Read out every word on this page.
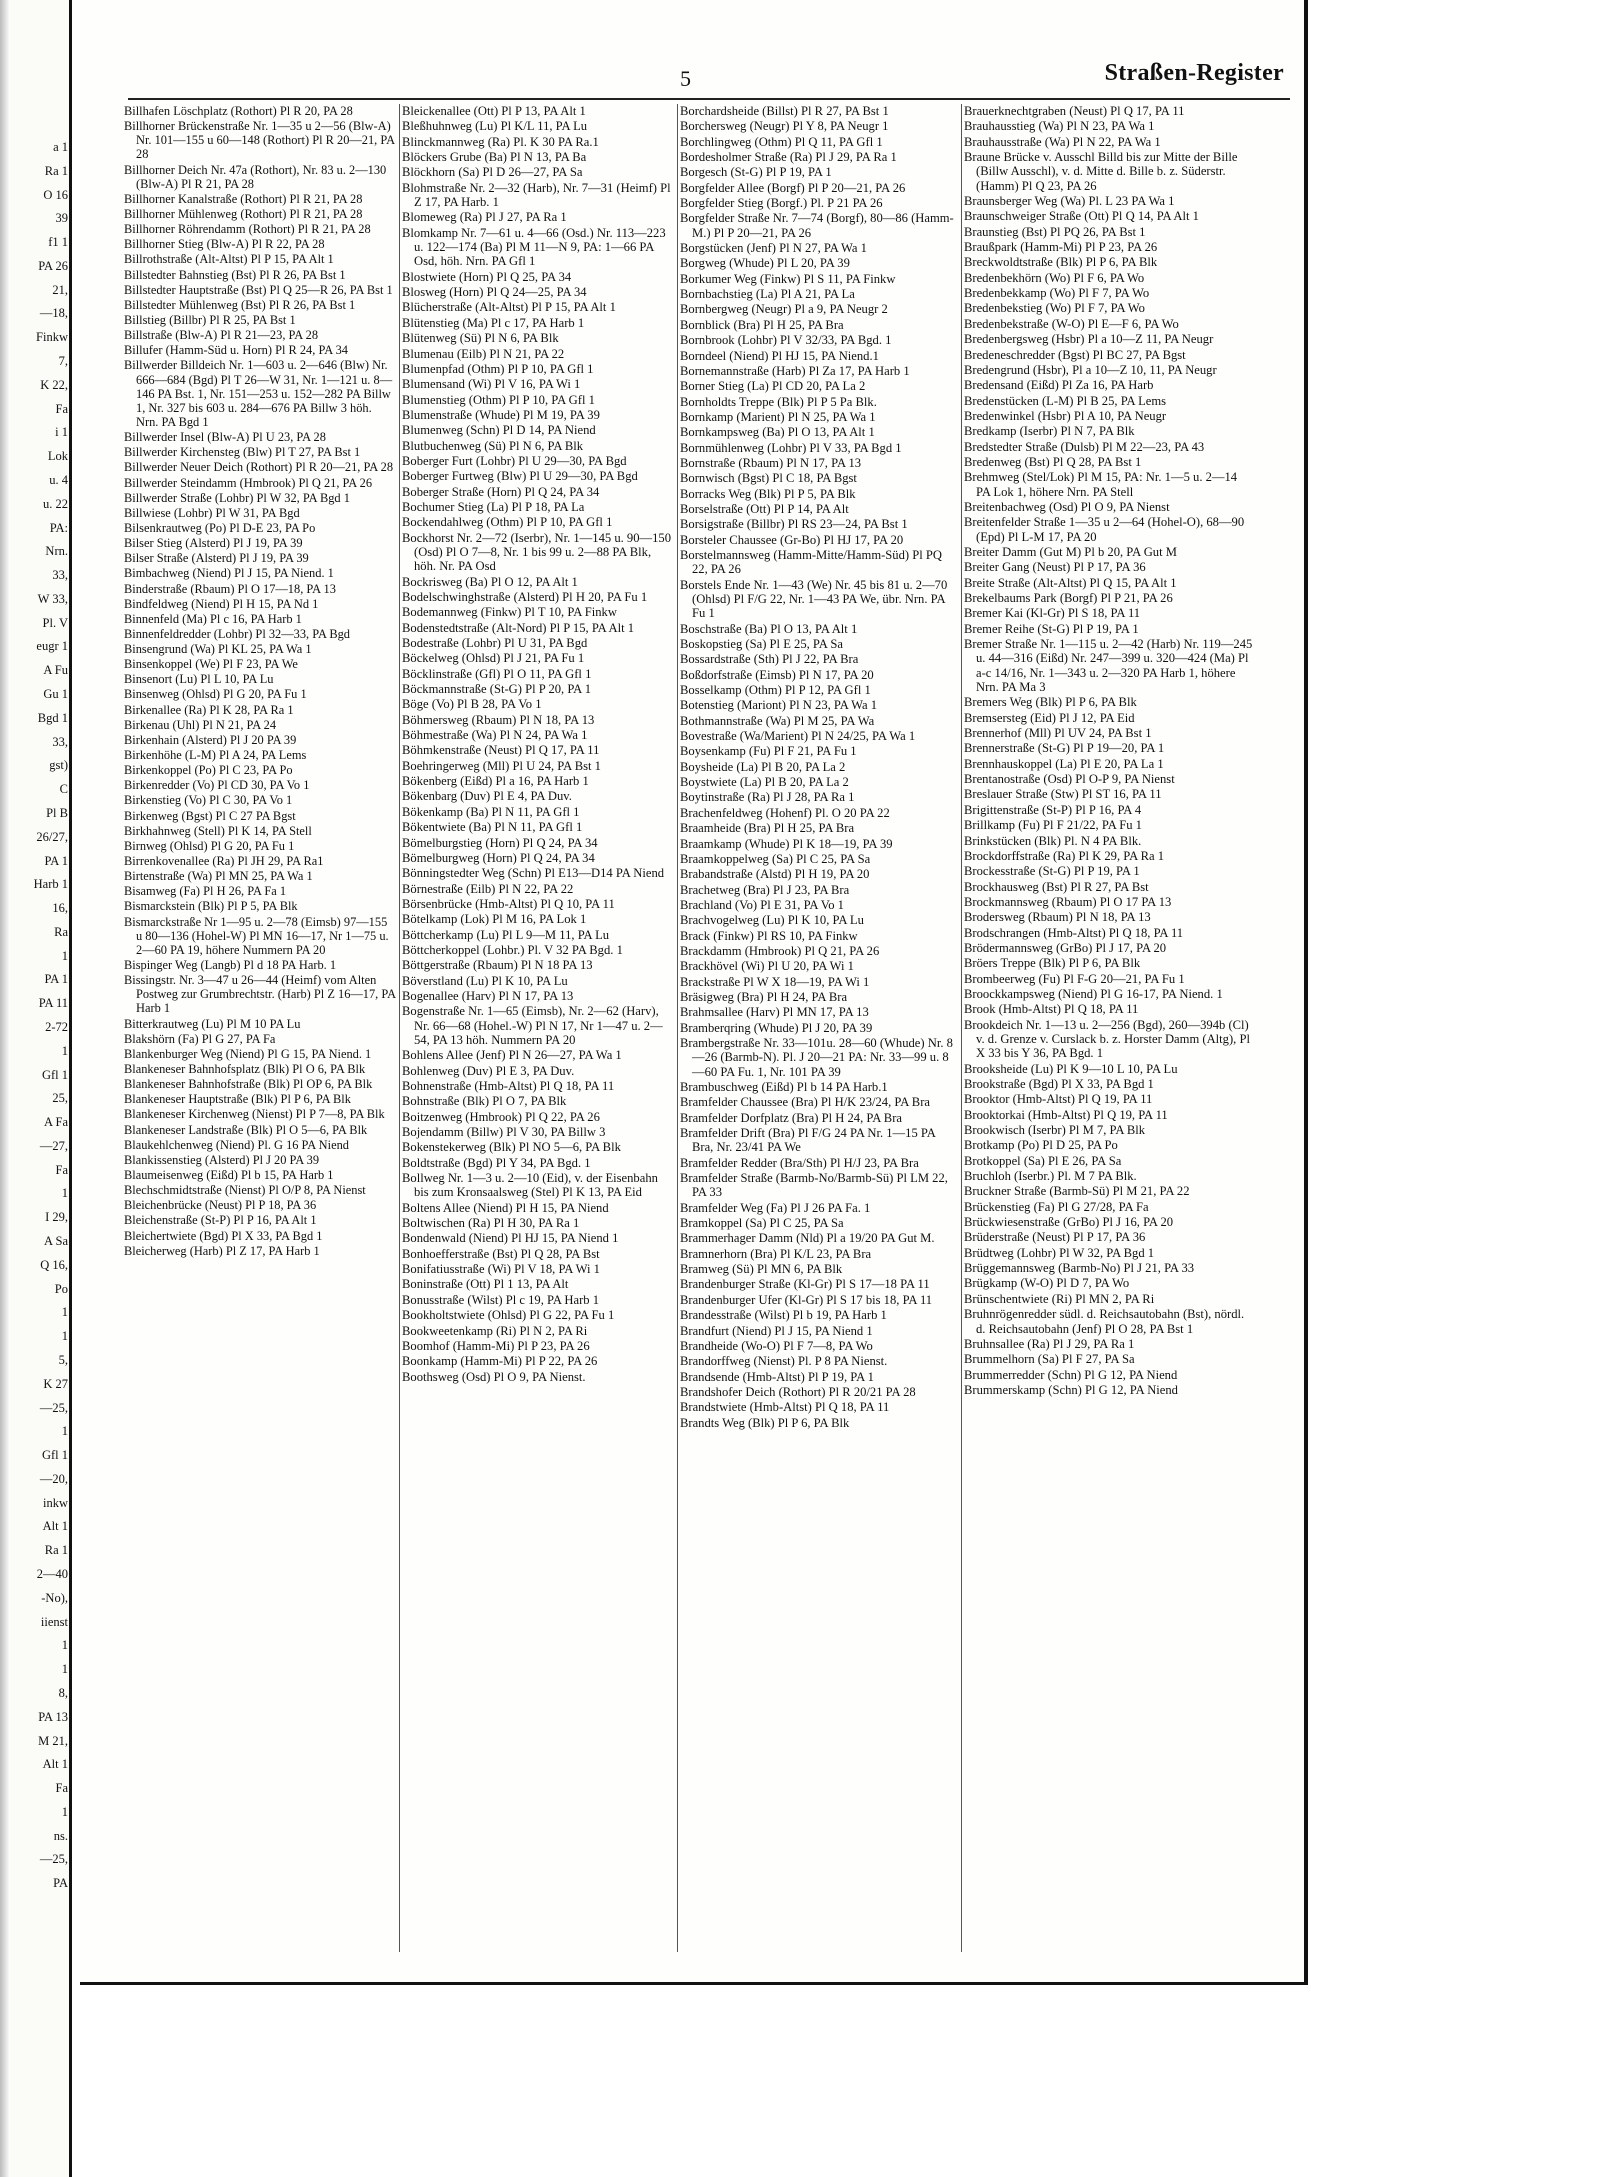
a 1
Ra 1
O 16
39
f1 1
PA 26
21,
—18,
Finkw
7,
K 22,
Fa
i 1
Lok
u. 4
u. 22
PA:
Nrn.
33,
W 33,
Pl. V
eugr 1
A Fu
Gu 1
Bgd 1
33,
gst)
C
Pl B
26/27,
PA 1
Harb 1
16,
Ra
1
PA 1
PA 11
2-72
1
Gfl 1
25,
A Fa
—27,
Fa
1
I 29,
A Sa
Q 16,
Po
1
1
5,
K 27
—25,
1
Gfl 1
—20,
inkw
Alt 1
Ra 1
2—40
-No),
iienst
1
1
8,
PA 13
M 21,
Alt 1
Fa
1
ns.
—25,
PA
5	Straßen-Register
Billhafen Löschplatz (Rothort) Pl R 20, PA 28
Billhorner Brückenstraße Nr. 1—35 u 2—56 (Blw-A) Nr. 101—155 u 60—148 (Rothort) Pl R 20—21, PA 28
Billhorner Deich Nr. 47a (Rothort), Nr. 83 u. 2—130 (Blw-A) Pl R 21, PA 28
Billhorner Kanalstraße (Rothort) Pl R 21, PA 28
Billhorner Mühlenweg (Rothort) Pl R 21, PA 28
Billhorner Röhrendamm (Rothort) Pl R 21, PA 28
Billhorner Stieg (Blw-A) Pl R 22, PA 28
Billrothstraße (Alt-Altst) Pl P 15, PA Alt 1
Billstedter Bahnstieg (Bst) Pl R 26, PA Bst 1
Billstedter Hauptstraße (Bst) Pl Q 25—R 26, PA Bst 1
Billstedter Mühlenweg (Bst) Pl R 26, PA Bst 1
Billstieg (Billbr) Pl R 25, PA Bst 1
Billstraße (Blw-A) Pl R 21—23, PA 28
Billufer (Hamm-Süd u. Horn) Pl R 24, PA 34
Billwerder Billdeich Nr. 1—603 u. 2—646 (Blw) Nr. 666—684 (Bgd) Pl T 26—W 31, Nr. 1—121 u. 8—146 PA Bst. 1, Nr. 151—253 u. 152—282 PA Billw 1, Nr. 327 bis 603 u. 284—676 PA Billw 3 höh. Nrn. PA Bgd 1
Billwerder Insel (Blw-A) Pl U 23, PA 28
Billwerder Kirchensteg (Blw) Pl T 27, PA Bst 1
Billwerder Neuer Deich (Rothort) Pl R 20—21, PA 28
Billwerder Steindamm (Hmbrook) Pl Q 21, PA 26
Billwerder Straße (Lohbr) Pl W 32, PA Bgd 1
Billwiese (Lohbr) Pl W 31, PA Bgd
Bilsenkrautweg (Po) Pl D-E 23, PA Po
Bilser Stieg (Alsterd) Pl J 19, PA 39
Bilser Straße (Alsterd) Pl J 19, PA 39
Bimbachweg (Niend) Pl J 15, PA Niend. 1
Binderstraße (Rbaum) Pl O 17—18, PA 13
Bindfeldweg (Niend) Pl H 15, PA Nd 1
Binnenfeld (Ma) Pl c 16, PA Harb 1
Binnenfeldredder (Lohbr) Pl 32—33, PA Bgd
Binsengrund (Wa) Pl KL 25, PA Wa 1
Binsenkoppel (We) Pl F 23, PA We
Binsenort (Lu) Pl L 10, PA Lu
Binsenweg (Ohlsd) Pl G 20, PA Fu 1
Birkenallee (Ra) Pl K 28, PA Ra 1
Birkenau (Uhl) Pl N 21, PA 24
Birkenhain (Alsterd) Pl J 20 PA 39
Birkenhöhe (L-M) Pl A 24, PA Lems
Birkenkoppel (Po) Pl C 23, PA Po
Birkenredder (Vo) Pl CD 30, PA Vo 1
Birkenstieg (Vo) Pl C 30, PA Vo 1
Birkenweg (Bgst) Pl C 27 PA Bgst
Birkhahnweg (Stell) Pl K 14, PA Stell
Birnweg (Ohlsd) Pl G 20, PA Fu 1
Birrenkovenallee (Ra) Pl JH 29, PA Ra1
Birtenstraße (Wa) Pl MN 25, PA Wa 1
Bisamweg (Fa) Pl H 26, PA Fa 1
Bismarckstein (Blk) Pl P 5, PA Blk
Bismarckstraße Nr 1—95 u. 2—78 (Eimsb) 97—155 u 80—136 (Hohel-W) Pl MN 16—17, Nr 1—75 u. 2—60 PA 19, höhere Nummern PA 20
Bispinger Weg (Langb) Pl d 18 PA Harb. 1
Bissingstr. Nr. 3—47 u 26—44 (Heimf) vom Alten Postweg zur Grumbrechtstr. (Harb) Pl Z 16—17, PA Harb 1
Bitterkrautweg (Lu) Pl M 10 PA Lu
Blakshörn (Fa) Pl G 27, PA Fa
Blankenburger Weg (Niend) Pl G 15, PA Niend. 1
Blankeneser Bahnhofsplatz (Blk) Pl O 6, PA Blk
Blankeneser Bahnhofstraße (Blk) Pl OP 6, PA Blk
Blankeneser Hauptstraße (Blk) Pl P 6, PA Blk
Blankeneser Kirchenweg (Nienst) Pl P 7—8, PA Blk
Blankeneser Landstraße (Blk) Pl O 5—6, PA Blk
Blaukehlchenweg (Niend) Pl. G 16 PA Niend
Blankissenstieg (Alsterd) Pl J 20 PA 39
Blaumeisenweg (Eißd) Pl b 15, PA Harb 1
Blechschmidtstraße (Nienst) Pl O/P 8, PA Nienst
Bleichenbrücke (Neust) Pl P 18, PA 36
Bleichenstraße (St-P) Pl P 16, PA Alt 1
Bleichertwiete (Bgd) Pl X 33, PA Bgd 1
Bleicherweg (Harb) Pl Z 17, PA Harb 1
Bleickenallee (Ott) Pl P 13, PA Alt 1
Bleßhuhnweg (Lu) Pl K/L 11, PA Lu
Blinckmannweg (Ra) Pl. K 30 PA Ra.1
Blöckers Grube (Ba) Pl N 13, PA Ba
Blöckhorn (Sa) Pl D 26—27, PA Sa
Blohmstraße Nr. 2—32 (Harb), Nr. 7—31 (Heimf) Pl Z 17, PA Harb. 1
Blomeweg (Ra) Pl J 27, PA Ra 1
Blomkamp Nr. 7—61 u. 4—66 (Osd.) Nr. 113—223 u. 122—174 (Ba) Pl M 11—N 9, PA: 1—66 PA Osd, höh. Nrn. PA Gfl 1
Blostwiete (Horn) Pl Q 25, PA 34
Blosweg (Horn) Pl Q 24—25, PA 34
Blücherstraße (Alt-Altst) Pl P 15, PA Alt 1
Blütenstieg (Ma) Pl c 17, PA Harb 1
Blütenweg (Sü) Pl N 6, PA Blk
Blumenau (Eilb) Pl N 21, PA 22
Blumenpfad (Othm) Pl P 10, PA Gfl 1
Blumensand (Wi) Pl V 16, PA Wi 1
Blumenstieg (Othm) Pl P 10, PA Gfl 1
Blumenstraße (Whude) Pl M 19, PA 39
Blumenweg (Schn) Pl D 14, PA Niend
Blutbuchenweg (Sü) Pl N 6, PA Blk
Boberger Furt (Lohbr) Pl U 29—30, PA Bgd
Boberger Furtweg (Blw) Pl U 29—30, PA Bgd
Boberger Straße (Horn) Pl Q 24, PA 34
Bochumer Stieg (La) Pl P 18, PA La
Bockendahlweg (Othm) Pl P 10, PA Gfl 1
Bockhorst Nr. 2—72 (Iserbr), Nr. 1—145 u. 90—150 (Osd) Pl O 7—8, Nr. 1 bis 99 u. 2—88 PA Blk, höh. Nr. PA Osd
Bockrisweg (Ba) Pl O 12, PA Alt 1
Bodelschwinghstraße (Alsterd) Pl H 20, PA Fu 1
Bodemannweg (Finkw) Pl T 10, PA Finkw
Bodenstedtstraße (Alt-Nord) Pl P 15, PA Alt 1
Bodestraße (Lohbr) Pl U 31, PA Bgd
Böckelweg (Ohlsd) Pl J 21, PA Fu 1
Böcklinstraße (Gfl) Pl O 11, PA Gfl 1
Böckmannstraße (St-G) Pl P 20, PA 1
Böge (Vo) Pl B 28, PA Vo 1
Böhmersweg (Rbaum) Pl N 18, PA 13
Böhmestraße (Wa) Pl N 24, PA Wa 1
Böhmkenstraße (Neust) Pl Q 17, PA 11
Boehringerweg (Mll) Pl U 24, PA Bst 1
Bökenberg (Eißd) Pl a 16, PA Harb 1
Bökenbarg (Duv) Pl E 4, PA Duv.
Bökenkamp (Ba) Pl N 11, PA Gfl 1
Bökentwiete (Ba) Pl N 11, PA Gfl 1
Bömelburgstieg (Horn) Pl Q 24, PA 34
Bömelburgweg (Horn) Pl Q 24, PA 34
Bönningstedter Weg (Schn) Pl E13—D14 PA Niend
Börnestraße (Eilb) Pl N 22, PA 22
Börsenbrücke (Hmb-Altst) Pl Q 10, PA 11
Bötelkamp (Lok) Pl M 16, PA Lok 1
Böttcherkamp (Lu) Pl L 9—M 11, PA Lu
Böttcherkoppel (Lohbr.) Pl. V 32 PA Bgd. 1
Böttgerstraße (Rbaum) Pl N 18 PA 13
Böverstland (Lu) Pl K 10, PA Lu
Bogenallee (Harv) Pl N 17, PA 13
Bogenstraße Nr. 1—65 (Eimsb), Nr. 2—62 (Harv), Nr. 66—68 (Hohel.-W) Pl N 17, Nr 1—47 u. 2—54, PA 13 höh. Nummern PA 20
Bohlens Allee (Jenf) Pl N 26—27, PA Wa 1
Bohlenweg (Duv) Pl E 3, PA Duv.
Bohnenstraße (Hmb-Altst) Pl Q 18, PA 11
Bohnstraße (Blk) Pl O 7, PA Blk
Boitzenweg (Hmbrook) Pl Q 22, PA 26
Bojendamm (Billw) Pl V 30, PA Billw 3
Bokenstekerweg (Blk) Pl NO 5—6, PA Blk
Boldtstraße (Bgd) Pl Y 34, PA Bgd. 1
Bollweg Nr. 1—3 u. 2—10 (Eid), v. der Eisenbahn bis zum Kronsaalsweg (Stel) Pl K 13, PA Eid
Boltens Allee (Niend) Pl H 15, PA Niend
Boltwischen (Ra) Pl H 30, PA Ra 1
Bondenwald (Niend) Pl HJ 15, PA Niend 1
Bonhoefferstraße (Bst) Pl Q 28, PA Bst
Bonifatiusstraße (Wi) Pl V 18, PA Wi 1
Boninstraße (Ott) Pl 1 13, PA Alt
Bonusstraße (Wilst) Pl c 19, PA Harb 1
Bookholtstwiete (Ohlsd) Pl G 22, PA Fu 1
Bookweetenkamp (Ri) Pl N 2, PA Ri
Boomhof (Hamm-Mi) Pl P 23, PA 26
Boonkamp (Hamm-Mi) Pl P 22, PA 26
Boothsweg (Osd) Pl O 9, PA Nienst.
Borchardsheide (Billst) Pl R 27, PA Bst 1
Borchersweg (Neugr) Pl Y 8, PA Neugr 1
Borchlingweg (Othm) Pl Q 11, PA Gfl 1
Bordesholmer Straße (Ra) Pl J 29, PA Ra 1
Borgesch (St-G) Pl P 19, PA 1
Borgfelder Allee (Borgf) Pl P 20—21, PA 26
Borgfelder Stieg (Borgf.) Pl. P 21 PA 26
Borgfelder Straße Nr. 7—74 (Borgf), 80—86 (Hamm-M.) Pl P 20—21, PA 26
Borgstücken (Jenf) Pl N 27, PA Wa 1
Borgweg (Whude) Pl L 20, PA 39
Borkumer Weg (Finkw) Pl S 11, PA Finkw
Bornbachstieg (La) Pl A 21, PA La
Bornbergweg (Neugr) Pl a 9, PA Neugr 2
Bornblick (Bra) Pl H 25, PA Bra
Bornbrook (Lohbr) Pl V 32/33, PA Bgd. 1
Borndeel (Niend) Pl HJ 15, PA Niend.1
Bornemannstraße (Harb) Pl Za 17, PA Harb 1
Borner Stieg (La) Pl CD 20, PA La 2
Bornholdts Treppe (Blk) Pl P 5 Pa Blk.
Bornkamp (Marient) Pl N 25, PA Wa 1
Bornkampsweg (Ba) Pl O 13, PA Alt 1
Bornmühlenweg (Lohbr) Pl V 33, PA Bgd 1
Bornstraße (Rbaum) Pl N 17, PA 13
Bornwisch (Bgst) Pl C 18, PA Bgst
Borracks Weg (Blk) Pl P 5, PA Blk
Borselstraße (Ott) Pl P 14, PA Alt
Borsigstraße (Billbr) Pl RS 23—24, PA Bst 1
Borsteler Chaussee (Gr-Bo) Pl HJ 17, PA 20
Borstelmannsweg (Hamm-Mitte/Hamm-Süd) Pl PQ 22, PA 26
Borstels Ende Nr. 1—43 (We) Nr. 45 bis 81 u. 2—70 (Ohlsd) Pl F/G 22, Nr. 1—43 PA We, übr. Nrn. PA Fu 1
Boschstraße (Ba) Pl O 13, PA Alt 1
Boskopstieg (Sa) Pl E 25, PA Sa
Bossardstraße (Sth) Pl J 22, PA Bra
Boßdorfstraße (Eimsb) Pl N 17, PA 20
Bosselkamp (Othm) Pl P 12, PA Gfl 1
Botenstieg (Mariont) Pl N 23, PA Wa 1
Bothmannstraße (Wa) Pl M 25, PA Wa
Bovestraße (Wa/Marient) Pl N 24/25, PA Wa 1
Boysenkamp (Fu) Pl F 21, PA Fu 1
Boysheide (La) Pl B 20, PA La 2
Boystwiete (La) Pl B 20, PA La 2
Boytinstraße (Ra) Pl J 28, PA Ra 1
Brachenfeldweg (Hohenf) Pl. O 20 PA 22
Braamheide (Bra) Pl H 25, PA Bra
Braamkamp (Whude) Pl K 18—19, PA 39
Braamkoppelweg (Sa) Pl C 25, PA Sa
Brabandstraße (Alstd) Pl H 19, PA 20
Brachetweg (Bra) Pl J 23, PA Bra
Brachland (Vo) Pl E 31, PA Vo 1
Brachvogelweg (Lu) Pl K 10, PA Lu
Brack (Finkw) Pl RS 10, PA Finkw
Brackdamm (Hmbrook) Pl Q 21, PA 26
Brackhövel (Wi) Pl U 20, PA Wi 1
Brackstraße Pl W X 18—19, PA Wi 1
Bräsigweg (Bra) Pl H 24, PA Bra
Brahmsallee (Harv) Pl MN 17, PA 13
Bramberqring (Whude) Pl J 20, PA 39
Brambergstraße Nr. 33—101u. 28—60 (Whude) Nr. 8—26 (Barmb-N). Pl. J 20—21 PA: Nr. 33—99 u. 8—60 PA Fu. 1, Nr. 101 PA 39
Brambuschweg (Eißd) Pl b 14 PA Harb.1
Bramfelder Chaussee (Bra) Pl H/K 23/24, PA Bra
Bramfelder Dorfplatz (Bra) Pl H 24, PA Bra
Bramfelder Drift (Bra) Pl F/G 24 PA Nr. 1—15 PA Bra, Nr. 23/41 PA We
Bramfelder Redder (Bra/Sth) Pl H/J 23, PA Bra
Bramfelder Straße (Barmb-No/Barmb-Sü) Pl LM 22, PA 33
Bramfelder Weg (Fa) Pl J 26 PA Fa. 1
Bramkoppel (Sa) Pl C 25, PA Sa
Brammerhager Damm (Nld) Pl a 19/20 PA Gut M.
Bramnerhorn (Bra) Pl K/L 23, PA Bra
Bramweg (Sü) Pl MN 6, PA Blk
Brandenburger Straße (Kl-Gr) Pl S 17—18 PA 11
Brandenburger Ufer (Kl-Gr) Pl S 17 bis 18, PA 11
Brandesstraße (Wilst) Pl b 19, PA Harb 1
Brandfurt (Niend) Pl J 15, PA Niend 1
Brandheide (Wo-O) Pl F 7—8, PA Wo
Brandorffweg (Nienst) Pl. P 8 PA Nienst.
Brandsende (Hmb-Altst) Pl P 19, PA 1
Brandshofer Deich (Rothort) Pl R 20/21 PA 28
Brandstwiete (Hmb-Altst) Pl Q 18, PA 11
Brandts Weg (Blk) Pl P 6, PA Blk
Brauerknechtgraben (Neust) Pl Q 17, PA 11
Brauhausstieg (Wa) Pl N 23, PA Wa 1
Brauhausstraße (Wa) Pl N 22, PA Wa 1
Braune Brücke v. Ausschl Billd bis zur Mitte der Bille (Billw Ausschl), v. d. Mitte d. Bille b. z. Süderstr. (Hamm) Pl Q 23, PA 26
Braunsberger Weg (Wa) Pl. L 23 PA Wa 1
Braunschweiger Straße (Ott) Pl Q 14, PA Alt 1
Braunstieg (Bst) Pl PQ 26, PA Bst 1
Braußpark (Hamm-Mi) Pl P 23, PA 26
Breckwoldtstraße (Blk) Pl P 6, PA Blk
Bredenbekhörn (Wo) Pl F 6, PA Wo
Bredenbekkamp (Wo) Pl F 7, PA Wo
Bredenbekstieg (Wo) Pl F 7, PA Wo
Bredenbekstraße (W-O) Pl E—F 6, PA Wo
Bredenbergsweg (Hsbr) Pl a 10—Z 11, PA Neugr
Bredeneschredder (Bgst) Pl BC 27, PA Bgst
Bredengrund (Hsbr), Pl a 10—Z 10, 11, PA Neugr
Bredensand (Eißd) Pl Za 16, PA Harb
Bredenstücken (L-M) Pl B 25, PA Lems
Bredenwinkel (Hsbr) Pl A 10, PA Neugr
Bredkamp (Iserbr) Pl N 7, PA Blk
Bredstedter Straße (Dulsb) Pl M 22—23, PA 43
Bredenweg (Bst) Pl Q 28, PA Bst 1
Brehmweg (Stel/Lok) Pl M 15, PA: Nr. 1—5 u. 2—14 PA Lok 1, höhere Nrn. PA Stell
Breitenbachweg (Osd) Pl O 9, PA Nienst
Breitenfelder Straße 1—35 u 2—64 (Hohel-O), 68—90 (Epd) Pl L-M 17, PA 20
Breiter Damm (Gut M) Pl b 20, PA Gut M
Breiter Gang (Neust) Pl P 17, PA 36
Breite Straße (Alt-Altst) Pl Q 15, PA Alt 1
Brekelbaums Park (Borgf) Pl P 21, PA 26
Bremer Kai (Kl-Gr) Pl S 18, PA 11
Bremer Reihe (St-G) Pl P 19, PA 1
Bremer Straße Nr. 1—115 u. 2—42 (Harb) Nr. 119—245 u. 44—316 (Eißd) Nr. 247—399 u. 320—424 (Ma) Pl a-c 14/16, Nr. 1—343 u. 2—320 PA Harb 1, höhere Nrn. PA Ma 3
Bremers Weg (Blk) Pl P 6, PA Blk
Bremsersteg (Eid) Pl J 12, PA Eid
Brennerhof (Mll) Pl UV 24, PA Bst 1
Brennerstraße (St-G) Pl P 19—20, PA 1
Brennhauskoppel (La) Pl E 20, PA La 1
Brentanostraße (Osd) Pl O-P 9, PA Nienst
Breslauer Straße (Stw) Pl ST 16, PA 11
Brigittenstraße (St-P) Pl P 16, PA 4
Brillkamp (Fu) Pl F 21/22, PA Fu 1
Brinkstücken (Blk) Pl. N 4 PA Blk.
Brockdorffstraße (Ra) Pl K 29, PA Ra 1
Brockesstraße (St-G) Pl P 19, PA 1
Brockhausweg (Bst) Pl R 27, PA Bst
Brockmannsweg (Rbaum) Pl O 17 PA 13
Brodersweg (Rbaum) Pl N 18, PA 13
Brodschrangen (Hmb-Altst) Pl Q 18, PA 11
Brödermannsweg (GrBo) Pl J 17, PA 20
Bröers Treppe (Blk) Pl P 6, PA Blk
Brombeerweg (Fu) Pl F-G 20—21, PA Fu 1
Broockkampsweg (Niend) Pl G 16-17, PA Niend. 1
Brook (Hmb-Altst) Pl Q 18, PA 11
Brookdeich Nr. 1—13 u. 2—256 (Bgd), 260—394b (Cl) v. d. Grenze v. Curslack b. z. Horster Damm (Altg), Pl X 33 bis Y 36, PA Bgd. 1
Brooksheide (Lu) Pl K 9—10 L 10, PA Lu
Brookstraße (Bgd) Pl X 33, PA Bgd 1
Brooktor (Hmb-Altst) Pl Q 19, PA 11
Brooktorkai (Hmb-Altst) Pl Q 19, PA 11
Brookwisch (Iserbr) Pl M 7, PA Blk
Brotkamp (Po) Pl D 25, PA Po
Brotkoppel (Sa) Pl E 26, PA Sa
Bruchloh (Iserbr.) Pl. M 7 PA Blk.
Bruckner Straße (Barmb-Sü) Pl M 21, PA 22
Brückenstieg (Fa) Pl G 27/28, PA Fa
Brückwiesenstraße (GrBo) Pl J 16, PA 20
Brüderstraße (Neust) Pl P 17, PA 36
Brüdtweg (Lohbr) Pl W 32, PA Bgd 1
Brüggemannsweg (Barmb-No) Pl J 21, PA 33
Brügkamp (W-O) Pl D 7, PA Wo
Brünschentwiete (Ri) Pl MN 2, PA Ri
Bruhnrögenredder südl. d. Reichsautobahn (Bst), nördl. d. Reichsautobahn (Jenf) Pl O 28, PA Bst 1
Bruhnsallee (Ra) Pl J 29, PA Ra 1
Brummelhorn (Sa) Pl F 27, PA Sa
Brummerredder (Schn) Pl G 12, PA Niend
Brummerskamp (Schn) Pl G 12, PA Niend
